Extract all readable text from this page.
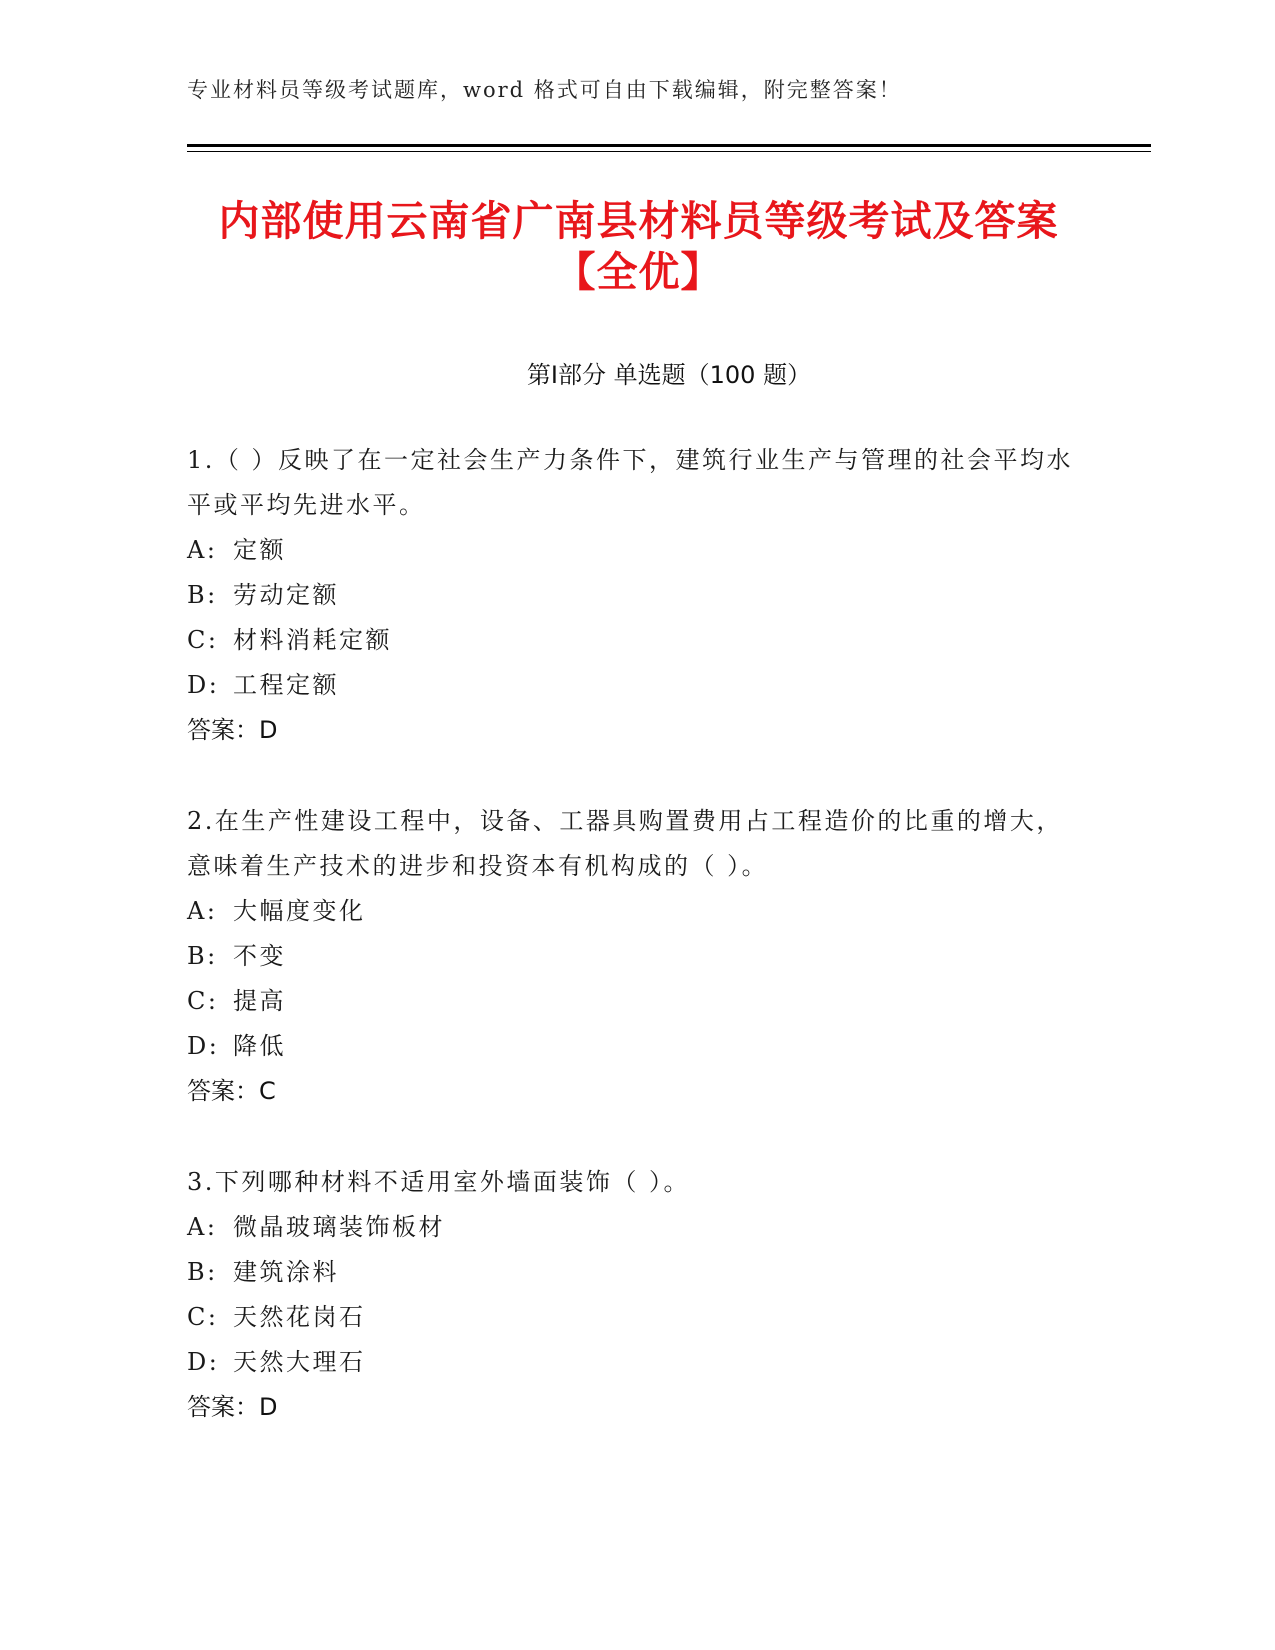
专业材料员等级考试题库，word 格式可自由下载编辑，附完整答案！
内部使用云南省广南县材料员等级考试及答案【全优】
第Ⅰ部分 单选题（100 题）

1.（ ）反映了在一定社会生产力条件下，建筑行业生产与管理的社会平均水平或平均先进水平。

A: 定额
B: 劳动定额
C: 材料消耗定额
D: 工程定额
答案：D

2.在生产性建设工程中，设备、工器具购置费用占工程造价的比重的增大，意味着生产技术的进步和投资本有机构成的（ ）。

A: 大幅度变化
B: 不变
C: 提高
D: 降低
答案：C

3.下列哪种材料不适用室外墙面装饰（ ）。

A: 微晶玻璃装饰板材
B: 建筑涂料
C: 天然花岗石
D: 天然大理石
答案：D
